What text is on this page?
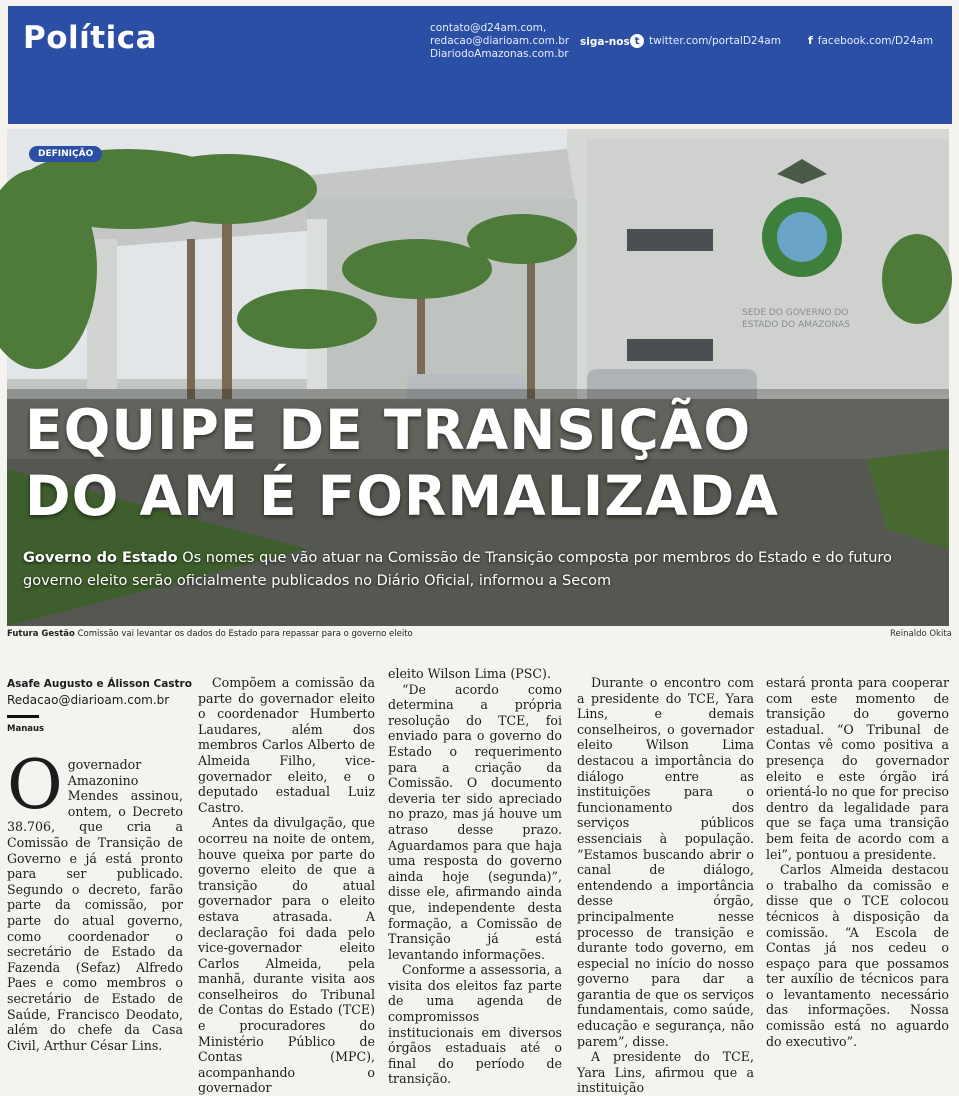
Política	contato@d24am.com,
redacao@diarioam.com.br
DiariodoAmazonas.com.br
siga-nos t twitter.com/portalD24am f facebook.com/D24am
SEDE DO GOVERNO DO
ESTADO DO AMAZONAS
DEFINIÇÃO
EQUIPE DE TRANSIÇÃO
DO AM É FORMALIZADA
Governo do Estado Os nomes que vão atuar na Comissão de Transição composta por membros do Estado e do futuro governo eleito serão oficialmente publicados no Diário Oficial, informou a Secom
Futura Gestão Comissão vai levantar os dados do Estado para repassar para o governo eleito	Reinaldo Okita
Asafe Augusto e Álisson Castro
Redacao@diarioam.com.br
Manaus
O governador Amazonino Mendes assinou, ontem, o Decreto 38.706, que cria a Comissão de Transição de Governo e já está pronto para ser publicado. Segundo o decreto, farão parte da comissão, por parte do atual governo, como coordenador o secretário de Estado da Fazenda (Sefaz) Alfredo Paes e como membros o secretário de Estado de Saúde, Francisco Deodato, além do chefe da Casa Civil, Arthur César Lins.

Compõem a comissão da parte do governador eleito o coordenador Humberto Laudares, além dos membros Carlos Alberto de Almeida Filho, vice-governador eleito, e o deputado estadual Luiz Castro.

Antes da divulgação, que ocorreu na noite de ontem, houve queixa por parte do governo eleito de que a transição do atual governador para o eleito estava atrasada. A declaração foi dada pelo vice-governador eleito Carlos Almeida, pela manhã, durante visita aos conselheiros do Tribunal de Contas do Estado (TCE) e procuradores do Ministério Público de Contas (MPC), acompanhando o governador

eleito Wilson Lima (PSC).

“De acordo como determina a própria resolução do TCE, foi enviado para o governo do Estado o requerimento para a criação da Comissão. O documento deveria ter sido apreciado no prazo, mas já houve um atraso desse prazo. Aguardamos para que haja uma resposta do governo ainda hoje (segunda)”, disse ele, afirmando ainda que, independente desta formação, a Comissão de Transição já está levantando informações.

Conforme a assessoria, a visita dos eleitos faz parte de uma agenda de compromissos institucionais em diversos órgãos estaduais até o final do período de transição.

Durante o encontro com a presidente do TCE, Yara Lins, e demais conselheiros, o governador eleito Wilson Lima destacou a importância do diálogo entre as instituições para o funcionamento dos serviços públicos essenciais à população. “Estamos buscando abrir o canal de diálogo, entendendo a importância desse órgão, principalmente nesse processo de transição e durante todo governo, em especial no início do nosso governo para dar a garantia de que os serviços fundamentais, como saúde, educação e segurança, não parem”, disse.

A presidente do TCE, Yara Lins, afirmou que a instituição

estará pronta para cooperar com este momento de transição do governo estadual. “O Tribunal de Contas vê como positiva a presença do governador eleito e este órgão irá orientá-lo no que for preciso dentro da legalidade para que se faça uma transição bem feita de acordo com a lei”, pontuou a presidente.

Carlos Almeida destacou o trabalho da comissão e disse que o TCE colocou técnicos à disposição da comissão. “A Escola de Contas já nos cedeu o espaço para que possamos ter auxílio de técnicos para o levantamento necessário das informações. Nossa comissão está no aguardo do executivo”.
